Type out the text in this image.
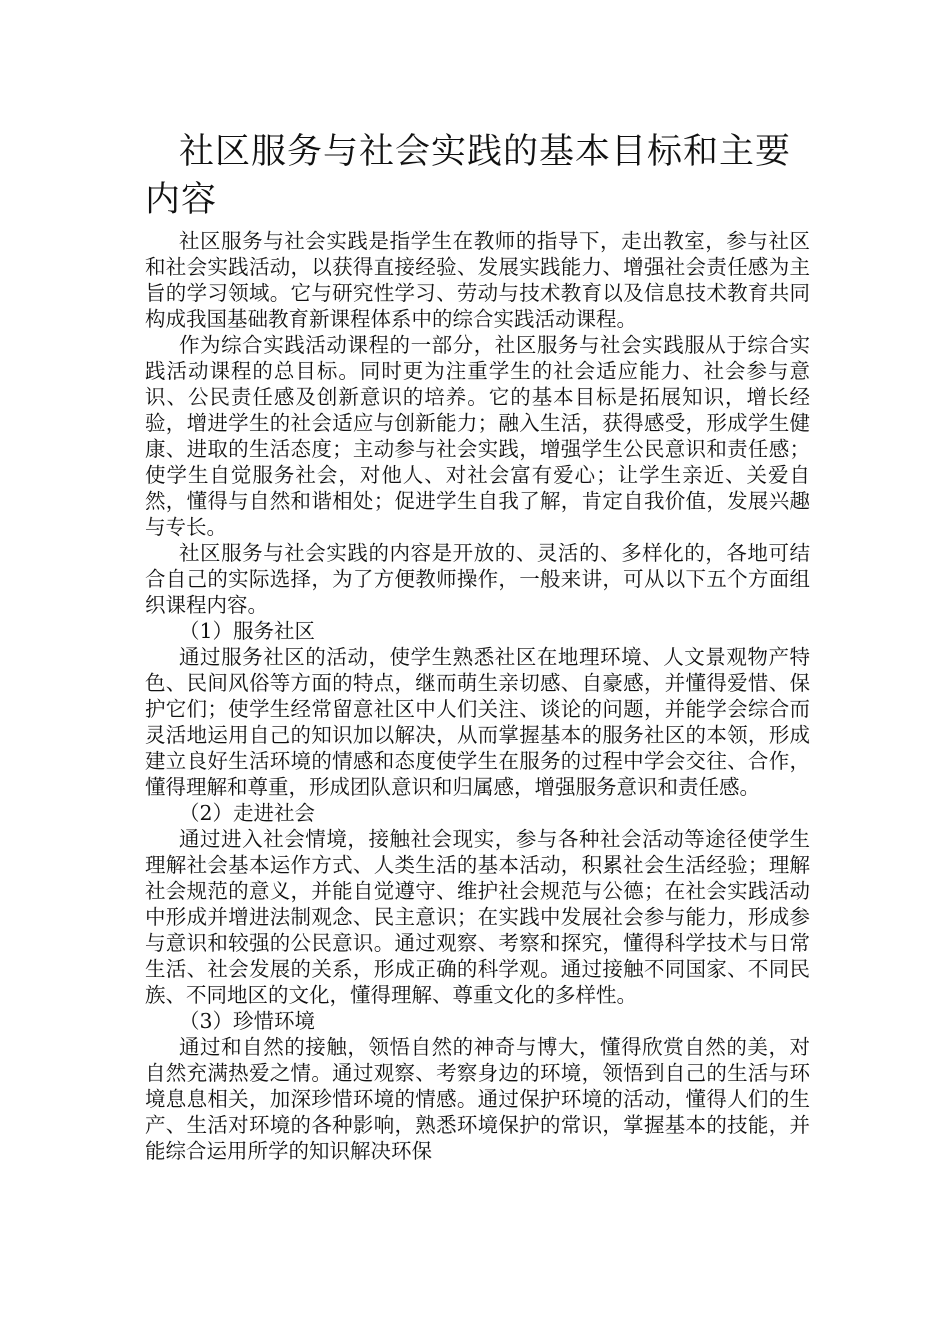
社区服务与社会实践的基本目标和主要内容

社区服务与社会实践是指学生在教师的指导下，走出教室，参与社区和社会实践活动，以获得直接经验、发展实践能力、增强社会责任感为主旨的学习领域。它与研究性学习、劳动与技术教育以及信息技术教育共同构成我国基础教育新课程体系中的综合实践活动课程。

作为综合实践活动课程的一部分，社区服务与社会实践服从于综合实践活动课程的总目标。同时更为注重学生的社会适应能力、社会参与意识、公民责任感及创新意识的培养。它的基本目标是拓展知识，增长经验，增进学生的社会适应与创新能力；融入生活，获得感受，形成学生健康、进取的生活态度；主动参与社会实践，增强学生公民意识和责任感；使学生自觉服务社会，对他人、对社会富有爱心；让学生亲近、关爱自然，懂得与自然和谐相处；促进学生自我了解，肯定自我价值，发展兴趣与专长。

社区服务与社会实践的内容是开放的、灵活的、多样化的，各地可结合自己的实际选择，为了方便教师操作，一般来讲，可从以下五个方面组织课程内容。

（1）服务社区

通过服务社区的活动，使学生熟悉社区在地理环境、人文景观物产特色、民间风俗等方面的特点，继而萌生亲切感、自豪感，并懂得爱惜、保护它们；使学生经常留意社区中人们关注、谈论的问题，并能学会综合而灵活地运用自己的知识加以解决，从而掌握基本的服务社区的本领，形成建立良好生活环境的情感和态度使学生在服务的过程中学会交往、合作，懂得理解和尊重，形成团队意识和归属感，增强服务意识和责任感。

（2）走进社会

通过进入社会情境，接触社会现实，参与各种社会活动等途径使学生理解社会基本运作方式、人类生活的基本活动，积累社会生活经验；理解社会规范的意义，并能自觉遵守、维护社会规范与公德；在社会实践活动中形成并增进法制观念、民主意识；在实践中发展社会参与能力，形成参与意识和较强的公民意识。通过观察、考察和探究，懂得科学技术与日常生活、社会发展的关系，形成正确的科学观。通过接触不同国家、不同民族、不同地区的文化，懂得理解、尊重文化的多样性。

（3）珍惜环境

通过和自然的接触，领悟自然的神奇与博大，懂得欣赏自然的美，对自然充满热爱之情。通过观察、考察身边的环境，领悟到自己的生活与环境息息相关，加深珍惜环境的情感。通过保护环境的活动，懂得人们的生产、生活对环境的各种影响，熟悉环境保护的常识，掌握基本的技能，并能综合运用所学的知识解决环保
